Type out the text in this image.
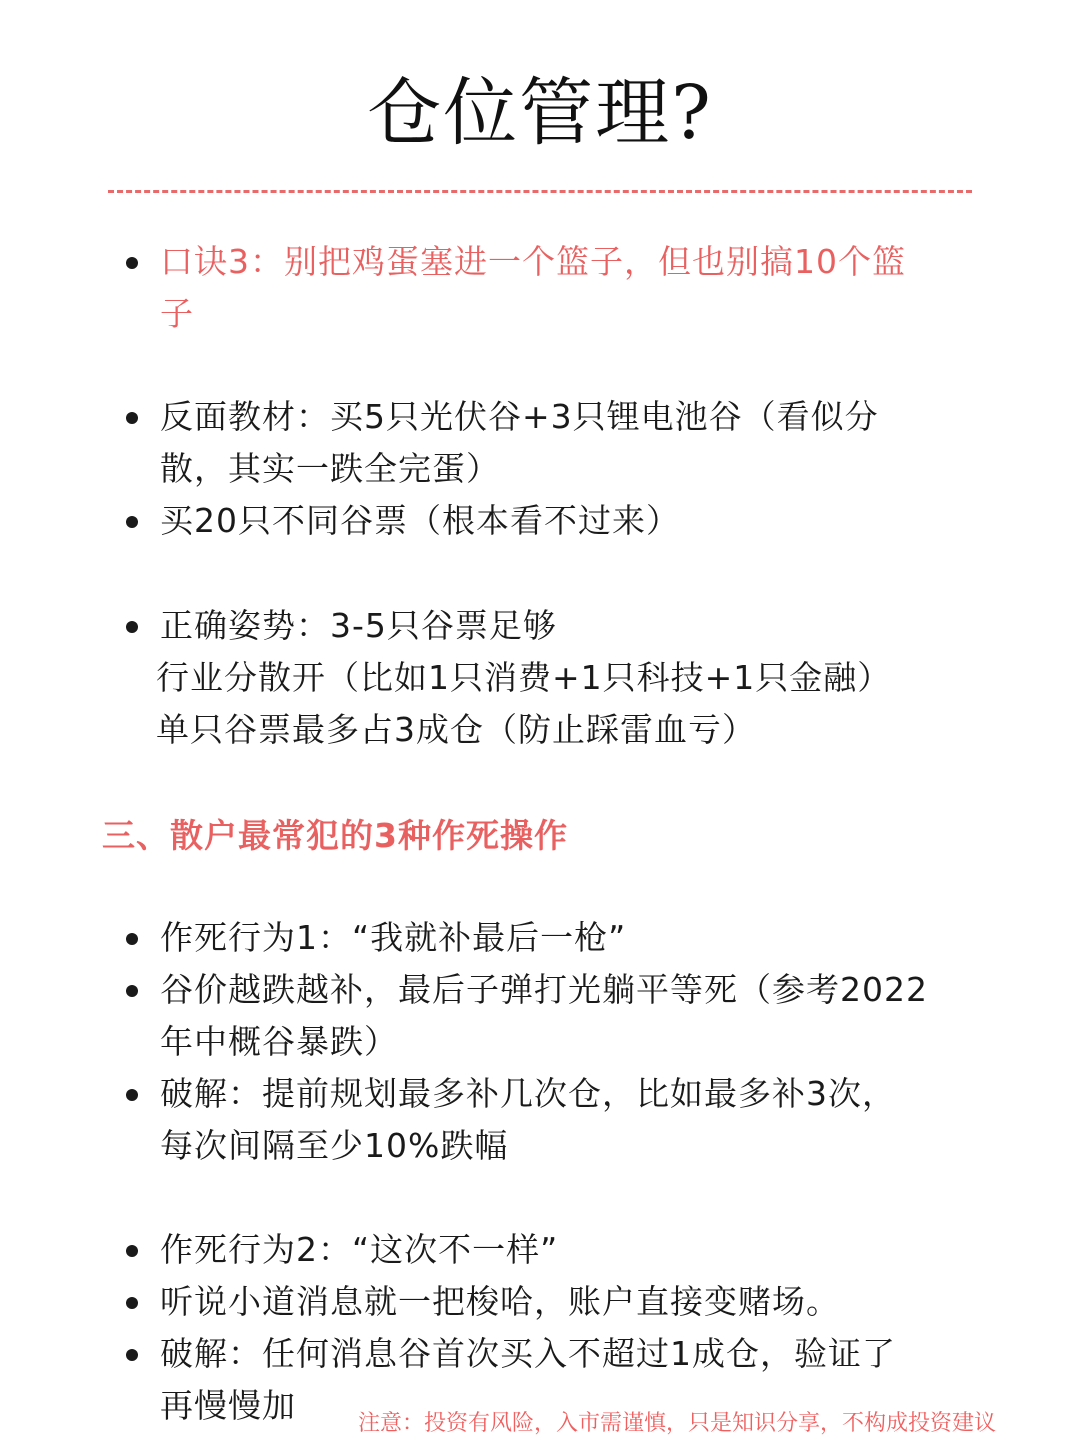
仓位管理?
口诀3：别把鸡蛋塞进一个篮子，但也别搞10个篮
子
反面教材：买5只光伏谷+3只锂电池谷（看似分
散，其实一跌全完蛋）
买20只不同谷票（根本看不过来）
正确姿势：3-5只谷票足够
行业分散开（比如1只消费+1只科技+1只金融）
单只谷票最多占3成仓（防止踩雷血亏）
三、散户最常犯的3种作死操作
作死行为1：“我就补最后一枪”
谷价越跌越补，最后子弹打光躺平等死（参考2022
年中概谷暴跌）
破解：提前规划最多补几次仓，比如最多补3次，
每次间隔至少10%跌幅
作死行为2：“这次不一样”
听说小道消息就一把梭哈，账户直接变赌场。
破解：任何消息谷首次买入不超过1成仓，验证了
再慢慢加	注意：投资有风险，入市需谨慎，只是知识分享，不构成投资建议
